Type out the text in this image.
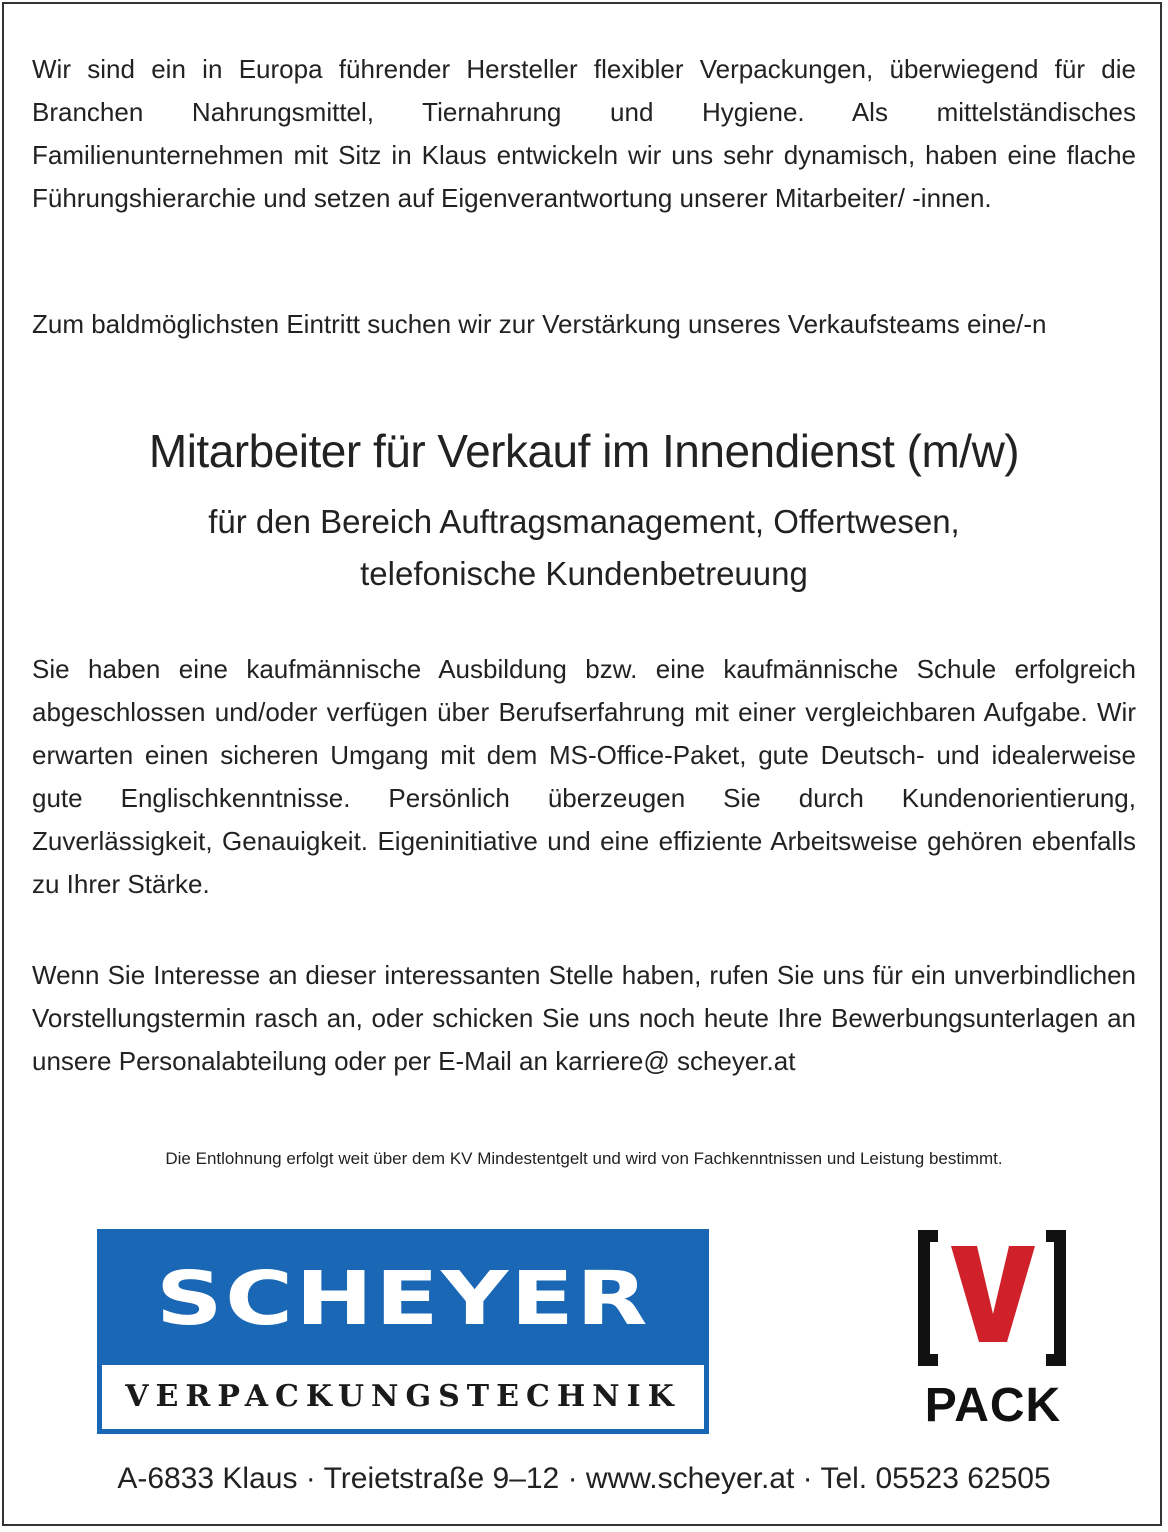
Wir sind ein in Europa führender Hersteller flexibler Verpackungen, überwiegend für die Branchen Nahrungsmittel, Tiernahrung und Hygiene. Als mittelständisches Familienunternehmen mit Sitz in Klaus entwickeln wir uns sehr dynamisch, haben eine flache Führungshierarchie und setzen auf Eigenverantwortung unserer Mitarbeiter/ -innen.

Zum baldmöglichsten Eintritt suchen wir zur Verstärkung unseres Verkaufsteams eine/-n

Mitarbeiter für Verkauf im Innendienst (m/w)
für den Bereich Auftragsmanagement, Offertwesen,
telefonische Kundenbetreuung

Sie haben eine kaufmännische Ausbildung bzw. eine kaufmännische Schule erfolgreich abgeschlossen und/oder verfügen über Berufserfahrung mit einer vergleichbaren Aufgabe. Wir erwarten einen sicheren Umgang mit dem MS-Office-Paket, gute Deutsch- und idealerweise gute Englischkenntnisse. Persönlich überzeugen Sie durch Kundenorientierung, Zuverlässigkeit, Genauigkeit. Eigeninitiative und eine effiziente Arbeitsweise gehören ebenfalls zu Ihrer Stärke.

Wenn Sie Interesse an dieser interessanten Stelle haben, rufen Sie uns für ein unverbindlichen Vorstellungstermin rasch an, oder schicken Sie uns noch heute Ihre Bewerbungsunterlagen an unsere Personalabteilung oder per E-Mail an karriere@ scheyer.at

Die Entlohnung erfolgt weit über dem KV Mindestentgelt und wird von Fachkenntnissen und Leistung bestimmt.

SCHEYER
VERPACKUNGSTECHNIK	PACK
A-6833 Klaus · Treietstraße 9–12 · www.scheyer.at · Tel. 05523 62505
